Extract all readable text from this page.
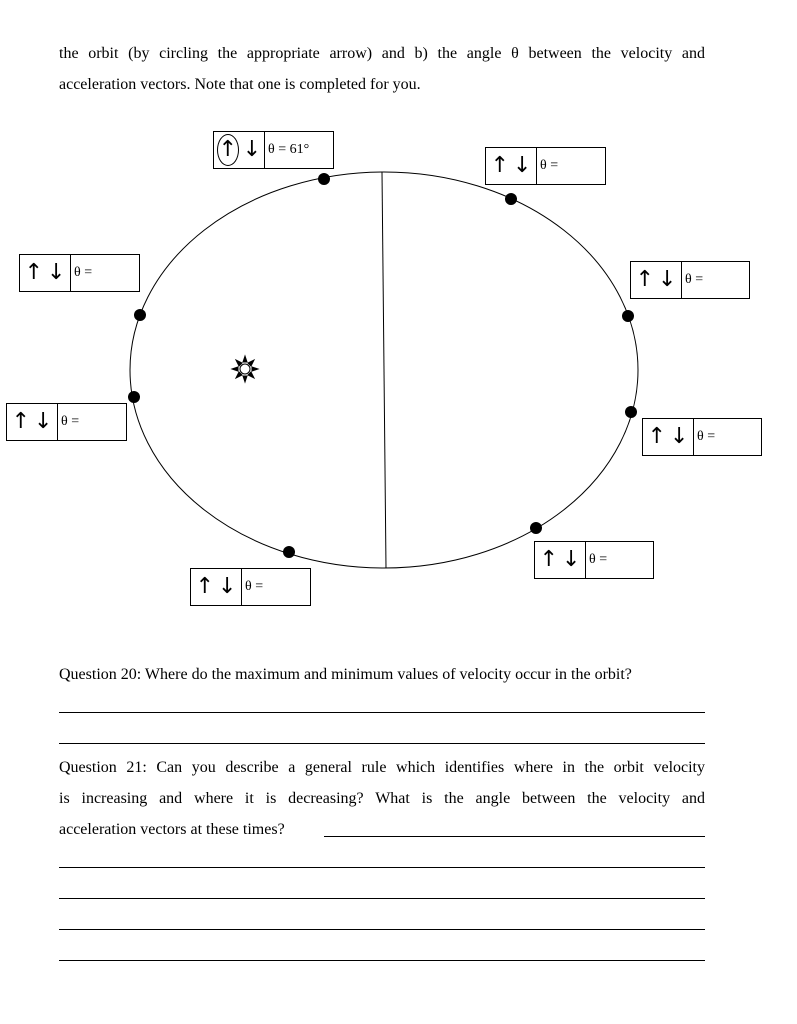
the orbit (by circling the appropriate arrow) and b) the angle θ between the velocity and
acceleration vectors. Note that one is completed for you.
↑ ↓ θ = 61°
↑ ↓ θ =
↑ ↓ θ =
↑ ↓ θ =
↑ ↓ θ =
↑ ↓ θ =
↑ ↓ θ =
↑ ↓ θ =
Question 20: Where do the maximum and minimum values of velocity occur in the orbit?
Question 21: Can you describe a general rule which identifies where in the orbit velocity
is increasing and where it is decreasing? What is the angle between the velocity and
acceleration vectors at these times?
